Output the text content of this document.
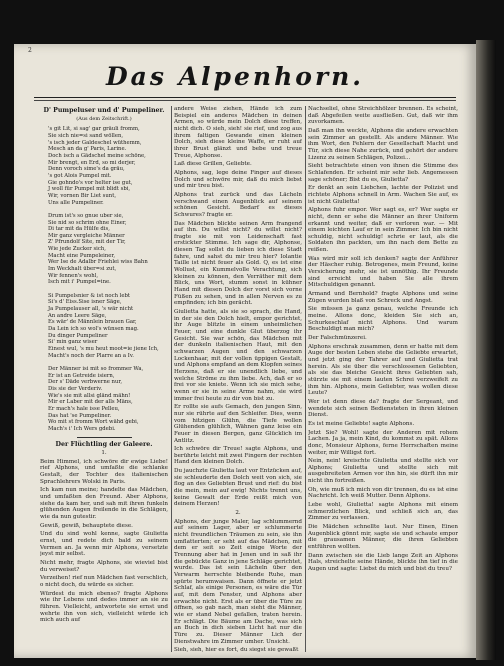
2
Das Alpenhorn.

D' Pumpeluser und d' Pumpeliner.

(Aus dem Zeitschrift.)

's git Lit, si sag' gar gräuli fromm,
Sie sich nie=si sand wöllen,
's isch jeder Galdeschel wüthemm,
Mesch an da g' Paris, Larine.
Doch isch a Gädschel meine schöne,
Mir brengt, en Erd, so mi derjer,
Denn voroch sime's da gräu,
's got Alois Pumpel mit.
Gie gohndo's vor helter ise gut,
J woll für Pumpel mit blidt sbi,
Wir, vornen Bir Liet sunt,
Uns alle Pumpeliner.

Drum ist's so gnue uber sie,
Sie nid so schrim ohne Einer,
Di tar mit da Hülfe dis,
Mir ganz vergleiche Männer
Z' Pfrundolf Site, mit der Tir,
Wie jede Zucker sich,
Macht eine Pumpeleiner,
Wer Ise de Adalbr Friehlei wiss Bahn
Im Weckhalt über=si zut,
Wir fennen's wohl,
Isch mit i' Pumpel=ine.

Si Pumpelsnier & ist noch lebt
Si's d' Eiss.Sise isner Säge,
Ja Pumpelauser all, 's wär nicht
An andre Leere Säge,
Es wär' de Männlein brauen Gar,
Da Lein ich so wol's wünsen mag.
Du dinger Pumpeliner
Si' min ganz wiser
Einest wul, 's mu heut moot=ie jiene Ich,
Macht's noch der Plarre an a Iv.

Der Männer isi mit so frommer Wa,
Er ist an Getreide isiern,
Der s' Däde verbwerne nur,
Dis sie der Verderiv.
Wie's sie mit allsi gländ mähn!
Mir er Laber mit der alls Mäns,
Er mach's hale isse Pelleu,
Das hat 'se Pumpeliner.
Wo mit st fromm Wort wähd gebi,
Mach's i' Ich Wers gdebi.

Der Flüchtling der Galeere.

1.

Beim Himmel, ich schwöre dir ewige Liebe! rief Alphons, und umfaßte die schlanke Gestalt, der Tochter des italienischen Sprachlehrers Wolski in Paris.

Ich kam nun meine; handelte das Mädchen, und umfaßten den Freund. Aber Alphons, siehe da kam her, und sah mit ihren funkeln glühenden Augen freilende in die Schlägen, wie da nun gutestir.

Gewiß, gewiß, behauptete diese.

Und du sind wohl kenne, sagte Giulietta ernst, und redete dich bald zu seinem Vermen an. Ja wenn mir Alphons, versetzte jeyst mir selbst.

Nicht mehr, fragte Alphons, sie wieviel bist du verweiset?

Verzeihen! rief nun Mädchen fast verschlich, o nicht doch, du würde es sicher.

Würdest du mich ebenso? fragte Alphons wie ihr Lebens und dedes immer an sie zu führen. Vielleicht, antwortete sie ernst und wehrte ihn von sich, vielleicht würde ich mich auch auf

andere Weise ziehen, Hände ich zum Beispiel ein anderes Mädchen in deinen Armen, so würde mein Dolch diese treffen, nicht dich. O sieh, sieh! sie rief, und zog aus ihrem faltigen Gewande einen kleinen Dolch, sieh diese kleine Waffe, er ruht auf ihrer Brust glänzt und bebe und treue Treue, Alphonse.

Laß diese Grillen, Geliebte.

Alphons, sag, lege deine Finger auf dieses Dolch und schwöre mir, daß du mich liebst und mir treu bist.

Alphons trat zurück und das Lächeln verschwand einen Augenblick auf seinem schönen Gesicht. Bedarf es dieses Schwures? fragte er.

Das Mädchen blickte seinen Arm frangend auf ihn. Du willst nicht? du willst nicht? fragte sie mit von Leidenschaft fast erstickter Stimme. Ich sage dir, Alphonse, diesen Tag sollst du lieben ich diese Stadt fahre, und sahst du mir treu hier? Iolantie Taille ist nicht feuer als Gold. Q, es ist eine Wollust, ein Kummelvolle Verachtung, sich kleinen zu können, den Verräther mit dem Blick, uns Wort, stumm sonst in kühner Hand mit diesen Dolch der vorst sich vorne Füßen zu sehen, und in allen Nerven es zu empfinden; ich bin gerächt.

Giulietta hatte, als sie so sprach, die Hand, in der sie den Dolch hielt, empor gerichtet, ihr Auge blitzte in einem unheimlichen Feuer, und eine dunkle Glut überzog ihr Gesicht. Sie war schön, das Mädchen mit der dunkeln italienischen Haut, mit den schwarzen Augen und den schwarzen Lockenhaar, mit der vollen üppigen Gestalt, und Alphons empfand an dem Klopfen seines Herzens, daß er sie unendlich liebe, und welche Ströme zu ihm liebe. Ach, daß er so frei vor sie kniete. Wenn ich sie mich sehe, wenn er sie in seine Arme nahm, sie wird immer frei heute zu dir von bist zu.

Er rollte sie aufs Gemach, den jungen Sinn, nur sie rührte auf den Schleifer. Dies, wenn vom hitzigen Glühn, die Tiefe wollen Glühenden glühlich, Wähnen ganz leise ein Feuer in diesen Bergen, ganz Glücklich im Antlitz.

Ich schwöre dir Treue! sagte Alphons, und berührte leicht mit zwei Fingern der rechten Hand den kleinen Dolch.

Du jauchzte Giulietta laut vor Entzücken auf, sie schleuderte den Dolch weit von sich, sie flog an des Geliebten Brust und rief: du bist die mein, mein auf ewig! Nichts trennt uns, keine Gewalt der Erde reißt mich von deinem Herzen!

2.

Alphons, der junge Maler, lag schlummernd auf seinem Lager, aber er schlummerte nicht freundlichen Träumen zu sein, sie ihn umflatterten; er seht auf das Mädchen, mit dem er seit so Zeit einige Worte der Trennung aber hat in Jenen und in saß ihr die gebückte Ganz in jene Schläge gerichtet, wurde. Das ist sein Lächeln über den Verwarm herrschte bleibende Ruhe, man spürte herumwaisen. Dann öffnete er jetzt Schlaf, als einige Personen, es wäre die Tür auf, mit dem Fenster, und Alphons aber erwachte nicht. Erst als er über die Türe zu öffnen, so gab nach, man sieht die Männer, wie er stand Nebel gefallen, traten herein. Er schlägt. Die Bäume am Dache, was sich an Buch in dich sieben Licht hat nur die Türe zu. Dieser Männer Lich der Dienstwahre im Zimmer umher. Unsicht.

Sieh, sieh, hier es fort, du siegst sie gewaßt

Nachseliel, ohne Streichhölzer brennen. Es scheint, daß Abgefeilen weite ausfließen. Gut, daß wir ihm zuvorkamen.

Daß man ihn weckte, Alphons die andere erwachten sein Zimmer an gestellt. Als andere Männer. Wie ihm Wort, den Fehlern der Gesellschaft Macht und Tür, sich diese Nahe zurück, und gehört der andere Lizenz zu seinen Schlägen, Polizei...

Sieht betrachtete einen von ihnen die Stimme des Schlafenden. Er scheint mir sehr lieb. Angemessen sage schöner; Bist du es, Giulietta?

Er denkt an sein Liebchen, lachte der Polizist und richtete Alphons schnell in Arm. Wachen Sie auf, es ist nicht Giulietta!

Alphons fuhr empor. Wer sagt es, er? Wer sagte er nicht, denn er sehe die Männer an ihrer Uniform erkannt und weiter, daß er verloren war. — Mit einem leichten Lauf er in sein Zimmer. Ich bin nicht schuldig, nicht schuldig! schrie er laut, als die Soldaten ihn packten, um ihn nach dem Bette zu reißen.

Was wird mir soll ich denken? sagte der Anführer der Häscher ruhig. Betrogenes, mein Freund, keine Versicherung mehr, sie ist unnöthig. Ihr Freunde sind erreicht und haben Sie alle ihrem Mitschuldigen genannt.

Armand und Bernhold? fragte Alphons und seine Zügen wurden blaß von Schreck und Angst.

Sie müssen ja ganz genau, welche Freunde ich meine. Allons donc, kleiden Sie sich an, Schurkeschlaf nicht Alphons. Und warum Beschuldigt man mich?

Der Falschmünzerei.

Alphons erschrak zusammen, denn er hatte mit dem Auge der besten Leben stehe die Geliebte erwartet, und jetzt ging der Tahrer auf und Giulietta trat herein. Als sie über die verschlossenen Geliebten, als sie das bleiche Gesicht ihres Geliebten sah, stürzte sie mit einem lauten Schrei verzweifelt zu ihm hin. Alphons, mein Geliebter, was wollen diese Leute?

Wer ist denn diese da? fragte der Sergeant, und wendete sich seinen Bediensteten in ihren kleinen Dienst.

Es ist meine Geliebte! sagte Alphons.

Jetzt Sie? Wohl! sagte der Anderen mit rohem Lachen. Ja ja, mein Kind, du kommst zu spät. Allons donc, Monsieur Alphons, ferne Herrschaften meine weiter, mir Willigst fort.

Nein, nein! kreischte Giulietta und stellte sich vor Alphons; Giulietta und stellte sich mit ausgebreiteten Armen vor ihn hin, sie dürft ihn mir nicht ihn fortreißen.

Oh, wie muß ich mich von dir trennen, du es ist eine Nachricht. Ich weiß Mutter. Denn Alphons.

Lebe wohl, Giulietta! sagte Alphons mit einem schmerzlichen Blick, und schließ sich an, das Zimmer zu verlassen.

Die Mädchen schnellte laut. Nur Einen, Einen Augenblick gönnt mir, sagte sie und schaute empor die grausamen Männer, die ihren Geliebten entführen wollten.

Dann zwischen sie die Lieb lange Zeit an Alphons Hals, streichelte seine Hände, blickte ihn tief in die Augen und sagte: Liebst du mich und bist du treu?
